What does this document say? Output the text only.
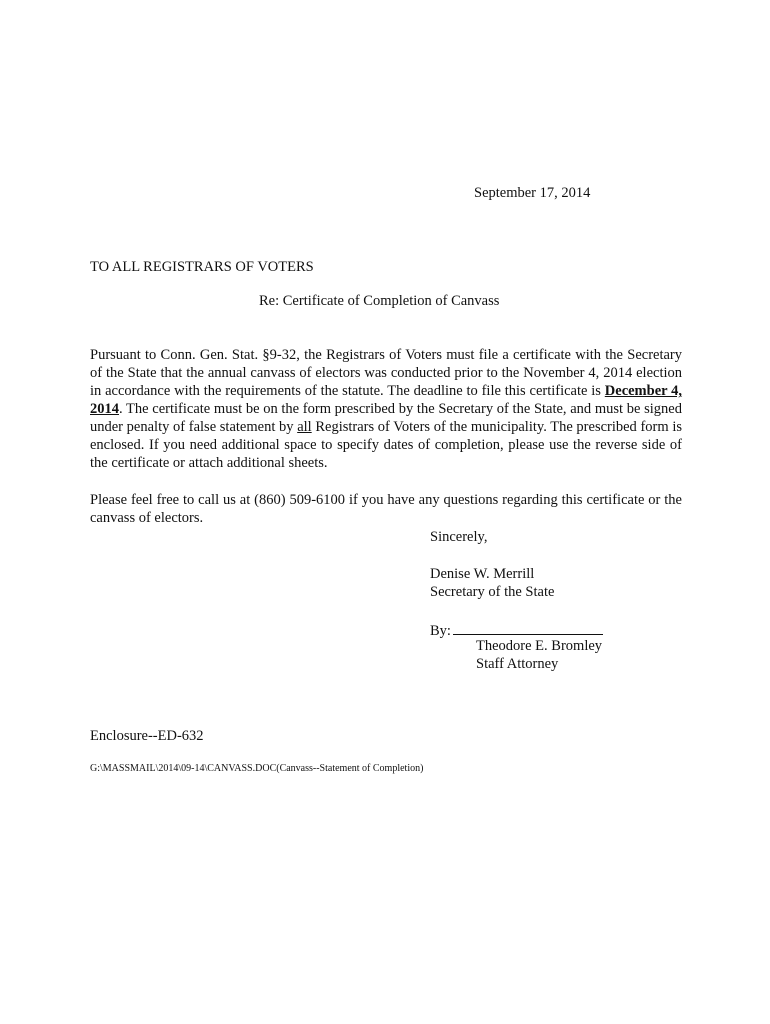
September 17, 2014
TO ALL REGISTRARS OF VOTERS
Re: Certificate of Completion of Canvass
Pursuant to Conn. Gen. Stat. §9-32, the Registrars of Voters must file a certificate with the Secretary of the State that the annual canvass of electors was conducted prior to the November 4, 2014 election in accordance with the requirements of the statute. The deadline to file this certificate is December 4, 2014. The certificate must be on the form prescribed by the Secretary of the State, and must be signed under penalty of false statement by all Registrars of Voters of the municipality. The prescribed form is enclosed. If you need additional space to specify dates of completion, please use the reverse side of the certificate or attach additional sheets.
Please feel free to call us at (860) 509-6100 if you have any questions regarding this certificate or the canvass of electors.
Sincerely,
Denise W. Merrill
Secretary of the State
By:
Theodore E. Bromley
Staff Attorney
Enclosure--ED-632
G:\MASSMAIL\2014\09-14\CANVASS.DOC(Canvass--Statement of Completion)
